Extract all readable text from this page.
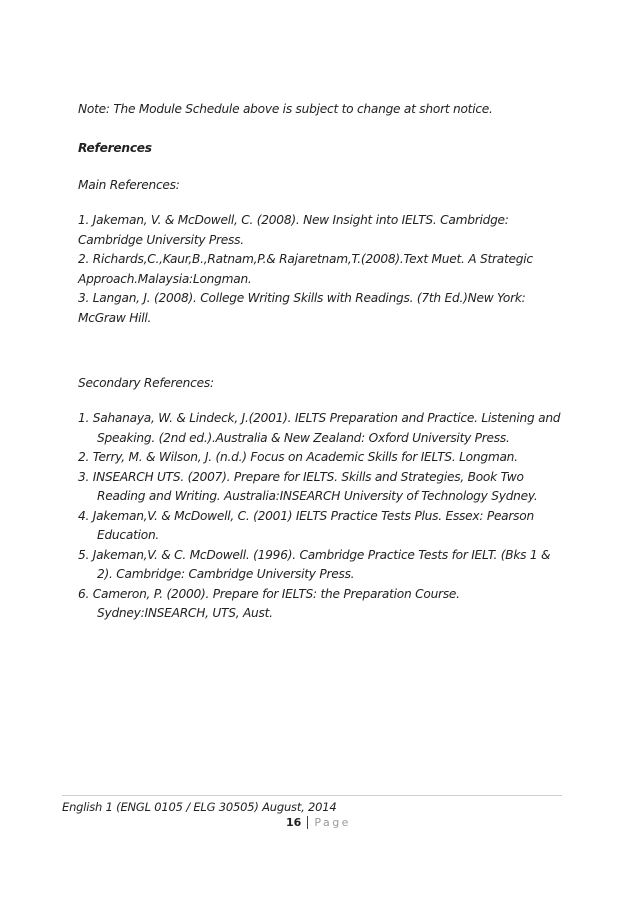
Note: The Module Schedule above is subject to change at short notice.

References

Main References:

1. Jakeman, V. & McDowell, C. (2008). New Insight into IELTS. Cambridge: Cambridge University Press.
2. Richards,C.,Kaur,B.,Ratnam,P.& Rajaretnam,T.(2008).Text Muet. A Strategic Approach.Malaysia:Longman.
3. Langan, J. (2008). College Writing Skills with Readings. (7th Ed.)New York: McGraw Hill.

Secondary References:

1. Sahanaya, W. & Lindeck, J.(2001). IELTS Preparation and Practice. Listening and Speaking. (2nd ed.).Australia & New Zealand: Oxford University Press.
2. Terry, M. & Wilson, J. (n.d.) Focus on Academic Skills for IELTS. Longman.
3. INSEARCH UTS. (2007). Prepare for IELTS. Skills and Strategies, Book Two Reading and Writing. Australia:INSEARCH University of Technology Sydney.
4. Jakeman,V. & McDowell, C. (2001) IELTS Practice Tests Plus. Essex: Pearson Education.
5. Jakeman,V. & C. McDowell. (1996). Cambridge Practice Tests for IELT. (Bks 1 & 2). Cambridge: Cambridge University Press.
6. Cameron, P. (2000). Prepare for IELTS: the Preparation Course. Sydney:INSEARCH, UTS, Aust.
English 1 (ENGL 0105 / ELG 30505) August, 2014
16 Page
